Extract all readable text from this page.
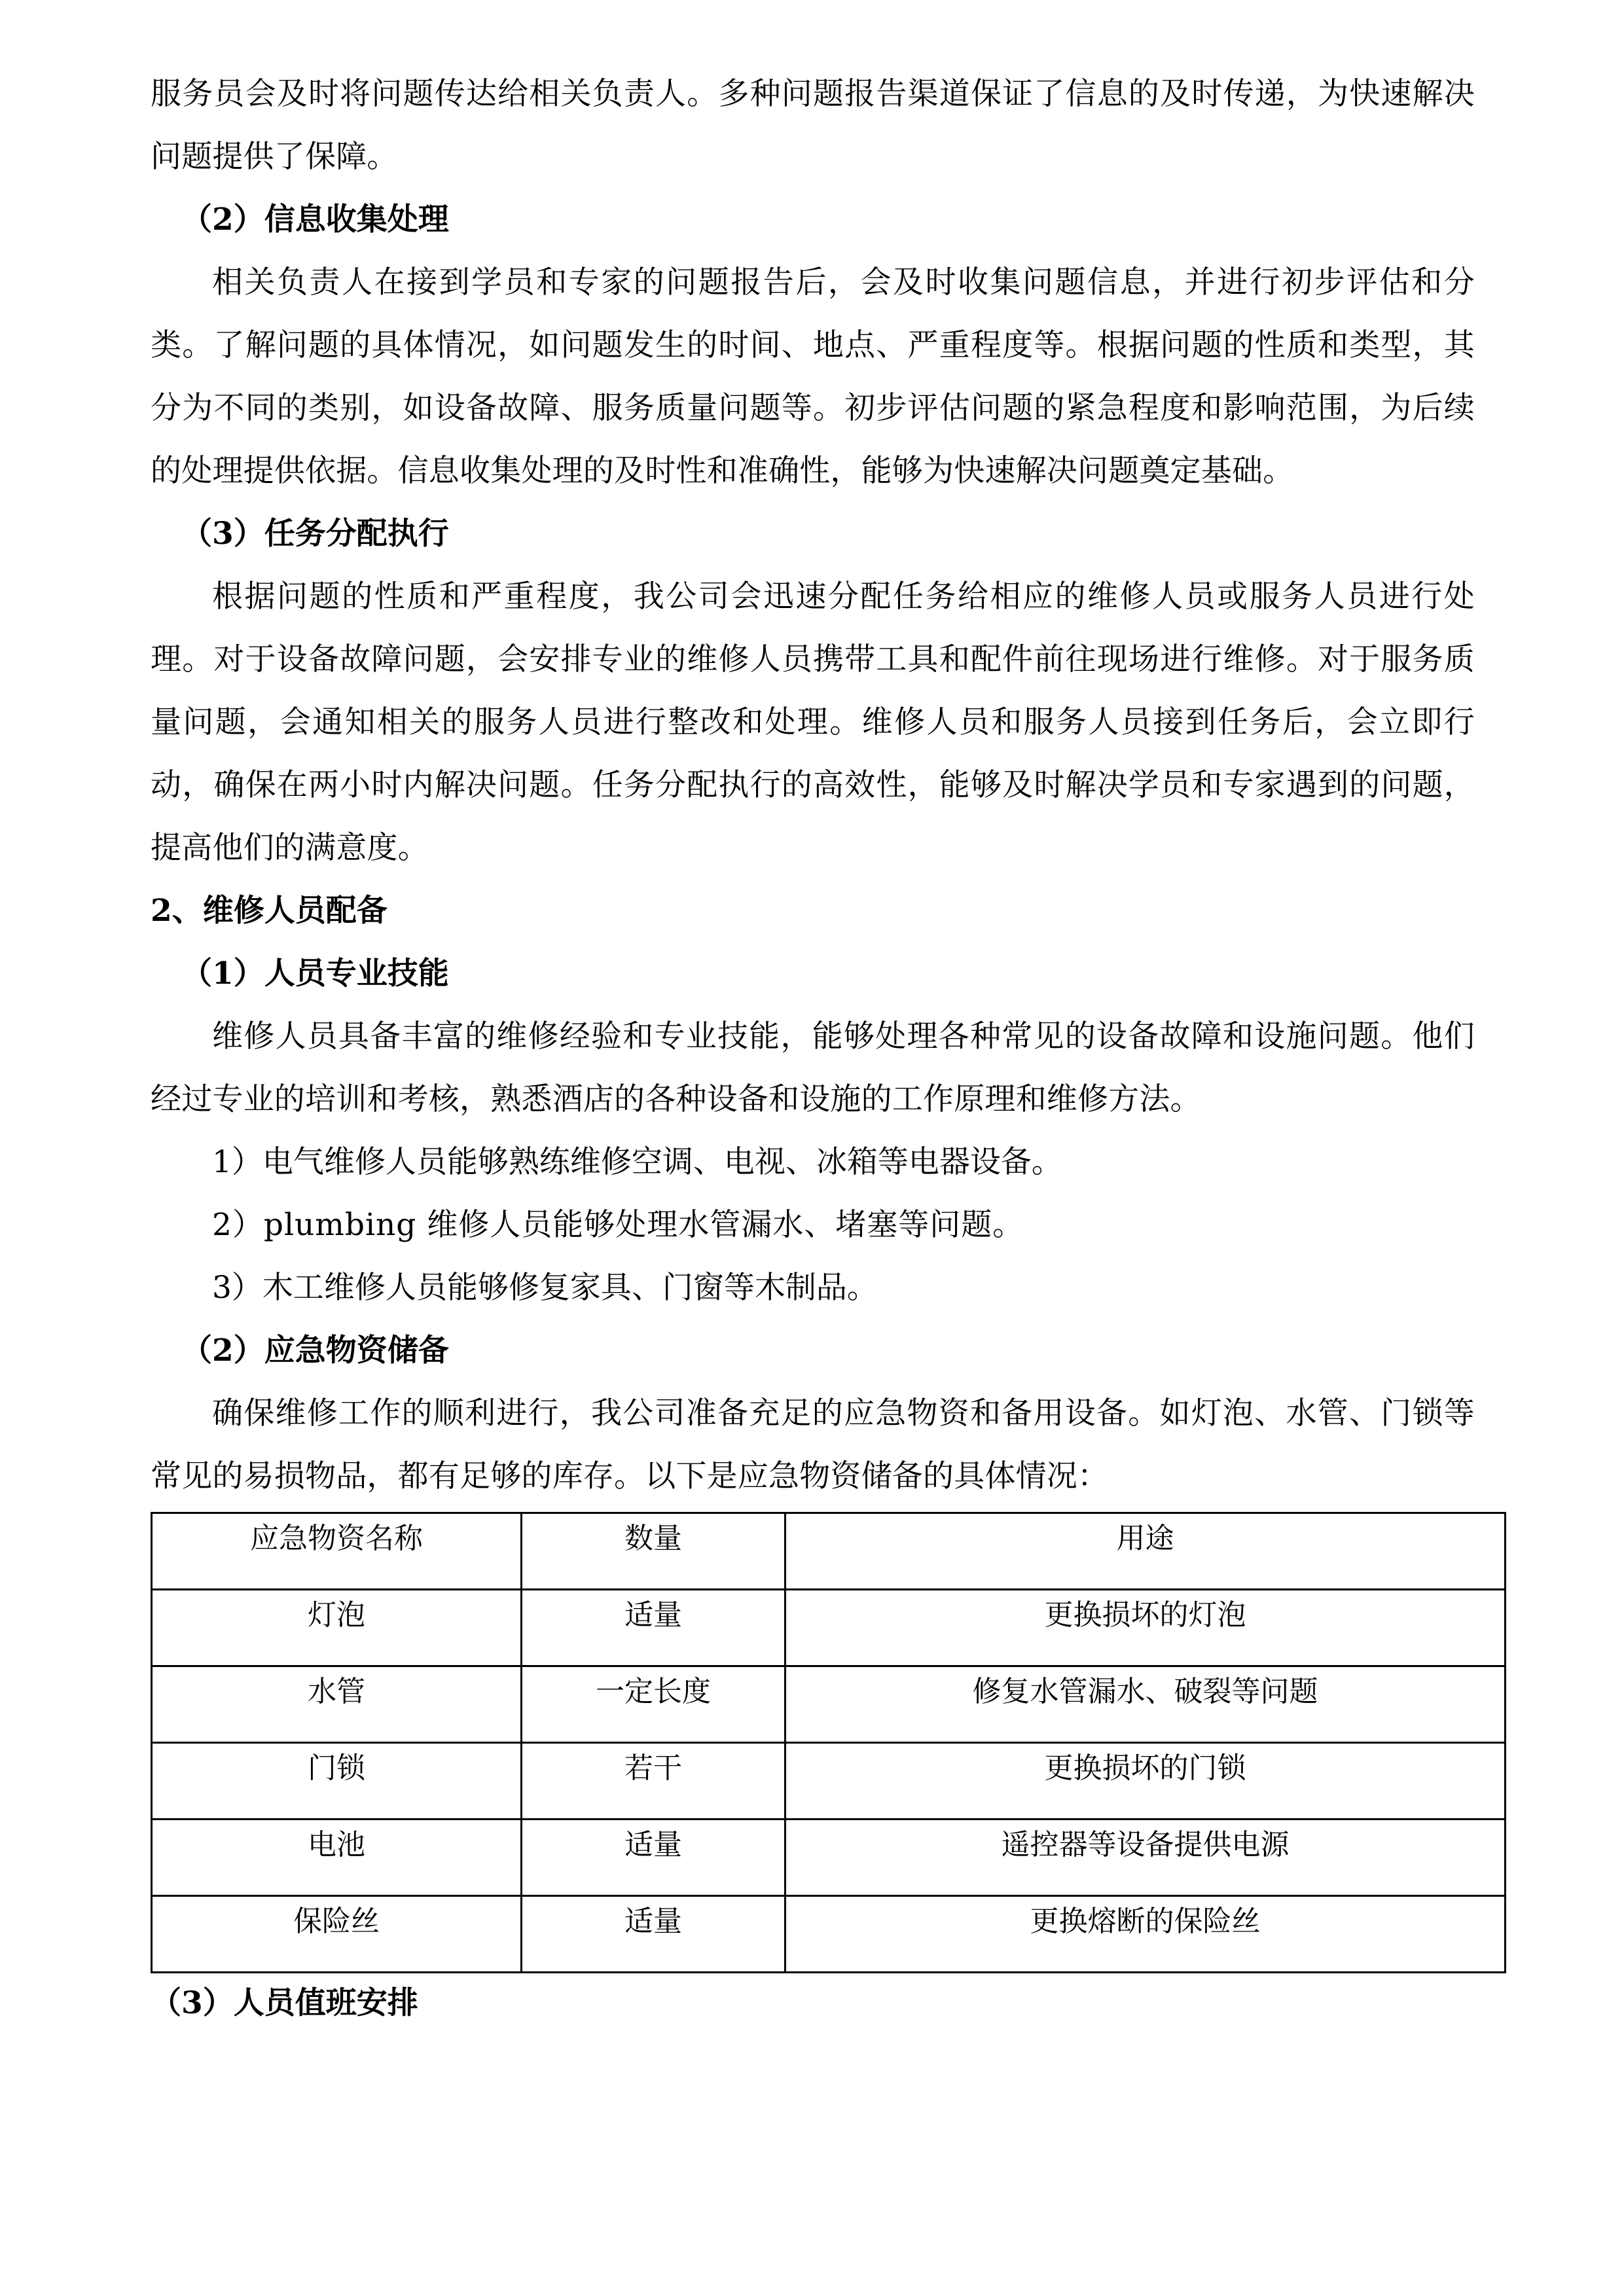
服务员会及时将问题传达给相关负责人。多种问题报告渠道保证了信息的及时传递，为快速解决问题提供了保障。

（2）信息收集处理

相关负责人在接到学员和专家的问题报告后，会及时收集问题信息，并进行初步评估和分类。了解问题的具体情况，如问题发生的时间、地点、严重程度等。根据问题的性质和类型，其分为不同的类别，如设备故障、服务质量问题等。初步评估问题的紧急程度和影响范围，为后续的处理提供依据。信息收集处理的及时性和准确性，能够为快速解决问题奠定基础。

（3）任务分配执行

根据问题的性质和严重程度，我公司会迅速分配任务给相应的维修人员或服务人员进行处理。对于设备故障问题，会安排专业的维修人员携带工具和配件前往现场进行维修。对于服务质量问题，会通知相关的服务人员进行整改和处理。维修人员和服务人员接到任务后，会立即行动，确保在两小时内解决问题。任务分配执行的高效性，能够及时解决学员和专家遇到的问题，提高他们的满意度。

2、维修人员配备

（1）人员专业技能

维修人员具备丰富的维修经验和专业技能，能够处理各种常见的设备故障和设施问题。他们经过专业的培训和考核，熟悉酒店的各种设备和设施的工作原理和维修方法。

1）电气维修人员能够熟练维修空调、电视、冰箱等电器设备。

2）plumbing 维修人员能够处理水管漏水、堵塞等问题。

3）木工维修人员能够修复家具、门窗等木制品。

（2）应急物资储备

确保维修工作的顺利进行，我公司准备充足的应急物资和备用设备。如灯泡、水管、门锁等常见的易损物品，都有足够的库存。以下是应急物资储备的具体情况：

应急物资名称	数量	用途
灯泡	适量	更换损坏的灯泡
水管	一定长度	修复水管漏水、破裂等问题
门锁	若干	更换损坏的门锁
电池	适量	遥控器等设备提供电源
保险丝	适量	更换熔断的保险丝

（3）人员值班安排
